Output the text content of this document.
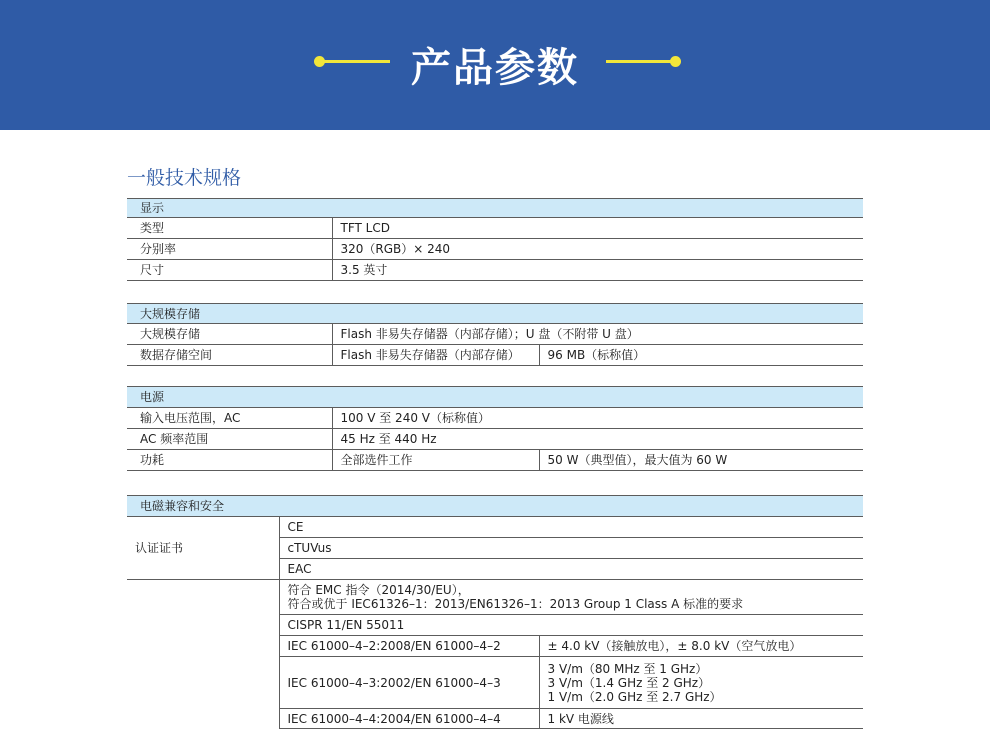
产品参数
一般技术规格
显示	
类型	TFT LCD
分别率	320（RGB）× 240
尺寸	3.5 英寸
大规模存储		
大规模存储	Flash 非易失存储器（内部存储）；U 盘（不附带 U 盘）	
数据存储空间	Flash 非易失存储器（内部存储）	96 MB（标称值）
电源		
输入电压范围，AC	100 V 至 240 V（标称值）	
AC 频率范围	45 Hz 至 440 Hz	
功耗	全部选件工作	50 W（典型值），最大值为 60 W
电磁兼容和安全		
认证证书	CE	
	cTUVus	
	EAC	
	符合 EMC 指令（2014/30/EU），
符合或优于 IEC61326–1：2013/EN61326–1：2013 Group 1 Class A 标准的要求	
	CISPR 11/EN 55011	
	IEC 61000–4–2:2008/EN 61000–4–2	± 4.0 kV（接触放电），± 8.0 kV（空气放电）
	IEC 61000–4–3:2002/EN 61000–4–3	3 V/m（80 MHz 至 1 GHz）
3 V/m（1.4 GHz 至 2 GHz）
1 V/m（2.0 GHz 至 2.7 GHz）
	IEC 61000–4–4:2004/EN 61000–4–4	1 kV 电源线
